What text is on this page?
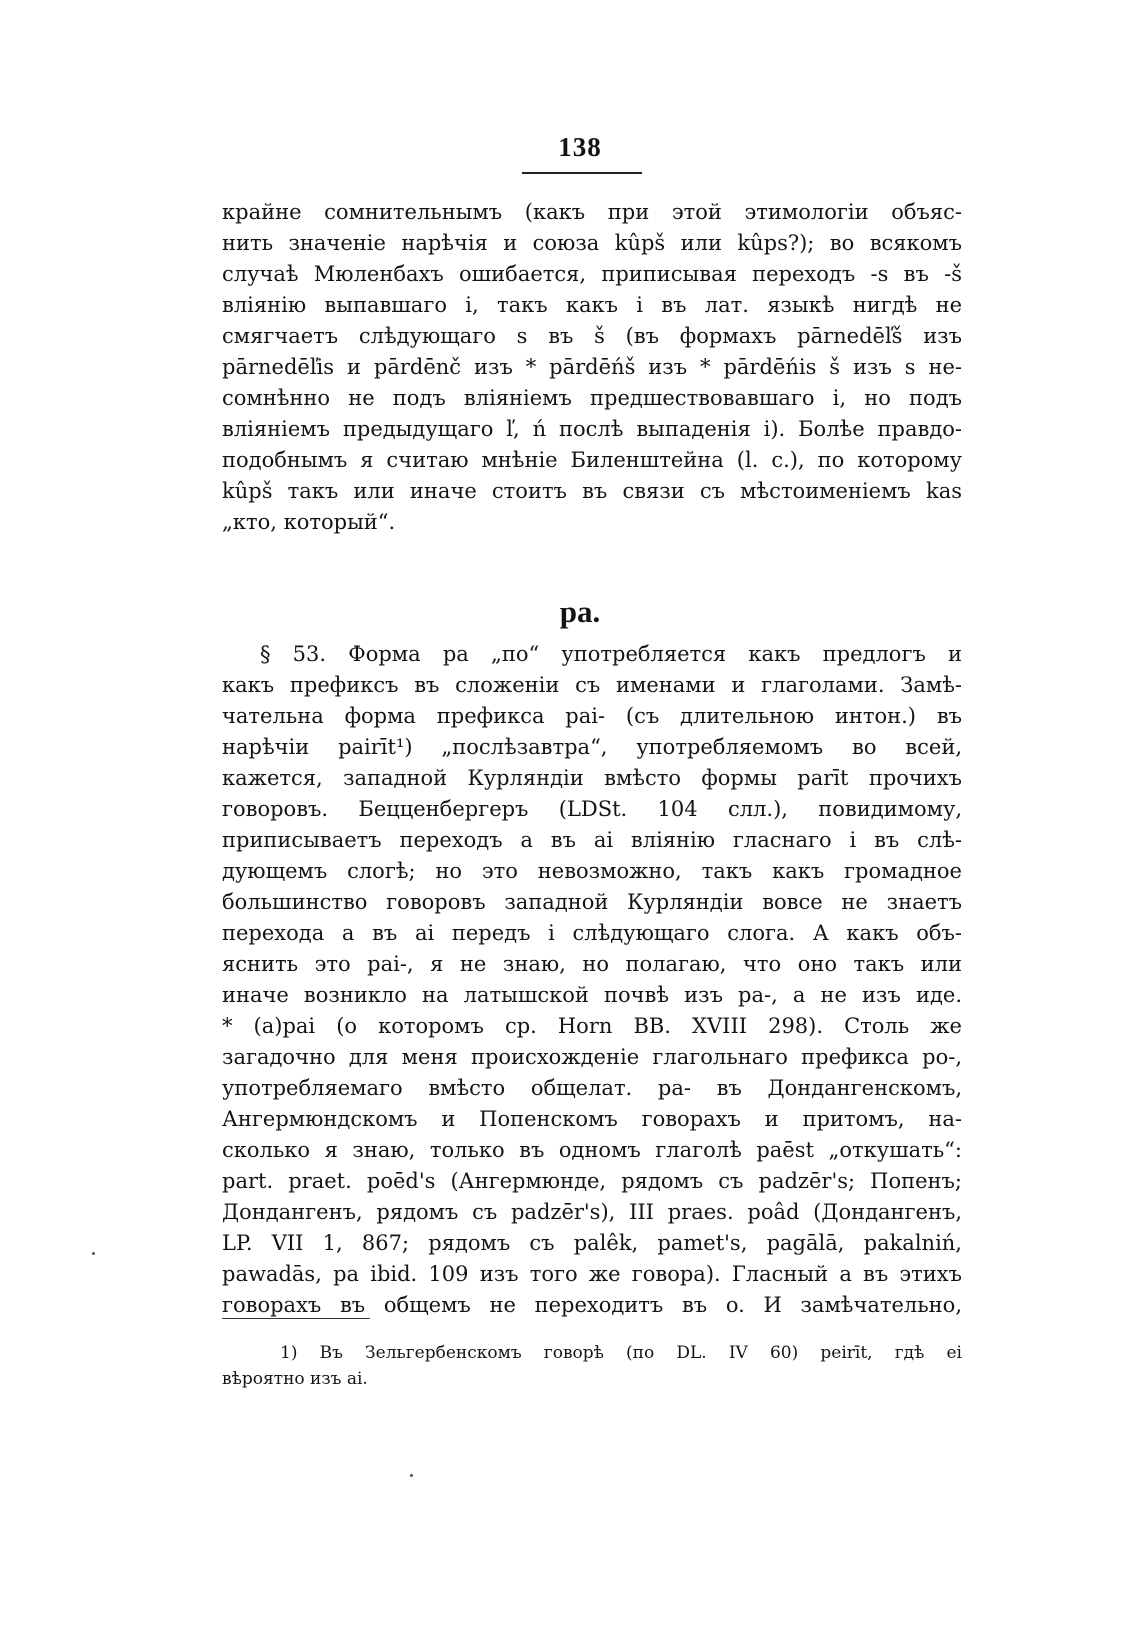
138
крайне сомнительнымъ (какъ при этой этимологіи объяс-
нить значеніе нарѣчія и союза kûpš или kûps?); во всякомъ
случаѣ Мюленбахъ ошибается, приписывая переходъ -s въ -š
вліянію выпавшаго і, такъ какъ і въ лат. языкѣ нигдѣ не
смягчаетъ слѣдующаго s въ š (въ формахъ pārnedēľš изъ
pārnedēľis и pārdēnč изъ * pārdēńš изъ * pārdēńis š изъ s не-
сомнѣнно не подъ вліяніемъ предшествовавшаго і, но подъ
вліяніемъ предыдущаго ľ, ń послѣ выпаденія і). Болѣе правдо-
подобнымъ я считаю мнѣніе Биленштейна (l. c.), по которому
kûpš такъ или иначе стоитъ въ связи съ мѣстоименіемъ kas
„кто, который“.
pa.
§ 53. Форма pa „по“ употребляется какъ предлогъ и
какъ префиксъ въ сложеніи съ именами и глаголами. Замѣ-
чательна форма префикса pai- (съ длительною интон.) въ
нарѣчіи pairīt¹) „послѣзавтра“, употребляемомъ во всей,
кажется, западной Курляндіи вмѣсто формы parīt прочихъ
говоровъ. Бецценбергеръ (LDSt. 104 слл.), повидимому,
приписываетъ переходъ a въ ai вліянію гласнаго i въ слѣ-
дующемъ слогѣ; но это невозможно, такъ какъ громадное
большинство говоровъ западной Курляндіи вовсе не знаетъ
перехода a въ ai передъ i слѣдующаго слога. А какъ объ-
яснить это pai-, я не знаю, но полагаю, что оно такъ или
иначе возникло на латышской почвѣ изъ pa-, а не изъ иде.
* (a)pai (о которомъ ср. Horn BB. XVIII 298). Столь же
загадочно для меня происхожденіе глагольнаго префикса po-,
употребляемаго вмѣсто общелат. pa- въ Дондангенскомъ,
Ангермюндскомъ и Попенскомъ говорахъ и притомъ, на-
сколько я знаю, только въ одномъ глаголѣ paēst „откушать“:
part. praet. poēd's (Ангермюнде, рядомъ съ padzēr's; Попенъ;
Дондангенъ, рядомъ съ padzēr's), III praes. poâd (Дондангенъ,
LP. VII 1, 867; рядомъ съ palêk, pamet's, pagālā, pakalniń,
pawadās, pa ibid. 109 изъ того же говора). Гласный a въ этихъ
говорахъ въ общемъ не переходитъ въ o. И замѣчательно,
1) Въ Зельгербенскомъ говорѣ (по DL. IV 60) peirīt, гдѣ ei
вѣроятно изъ ai.
